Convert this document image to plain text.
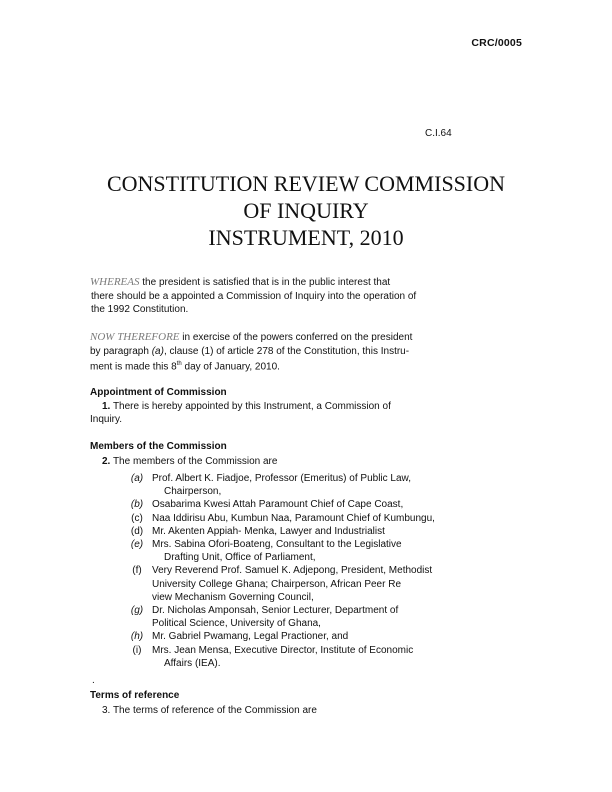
CRC/0005
C.I.64
CONSTITUTION REVIEW COMMISSION
OF INQUIRY
INSTRUMENT, 2010
WHEREAS the president is satisfied that is in the public interest that
there should be a appointed a Commission of Inquiry into the operation of
the 1992 Constitution.
NOW THEREFORE in exercise of the powers conferred on the president
by paragraph (a), clause (1) of article 278 of the Constitution, this Instru-
ment is made this 8th day of January, 2010.
Appointment of Commission
1. There is hereby appointed by this Instrument, a Commission of
Inquiry.
Members of the Commission
2. The members of the Commission are
(a) Prof. Albert K. Fiadjoe, Professor (Emeritus) of Public Law,
Chairperson,
(b) Osabarima Kwesi Attah Paramount Chief of Cape Coast,
(c) Naa Iddirisu Abu, Kumbun Naa, Paramount Chief of Kumbungu,
(d) Mr. Akenten Appiah- Menka, Lawyer and Industrialist
(e) Mrs. Sabina Ofori-Boateng, Consultant to the Legislative
Drafting Unit, Office of Parliament,
(f)	Very Reverend Prof. Samuel K. Adjepong, President, Methodist
University College Ghana; Chairperson, African Peer Re
view Mechanism Governing Council,
(g) Dr. Nicholas Amponsah, Senior Lecturer, Department of
Political Science, University of Ghana,
(h) Mr. Gabriel Pwamang, Legal Practioner, and
(i)	Mrs. Jean Mensa, Executive Director, Institute of Economic
Affairs (IEA).
.
Terms of reference
3. The terms of reference of the Commission are
